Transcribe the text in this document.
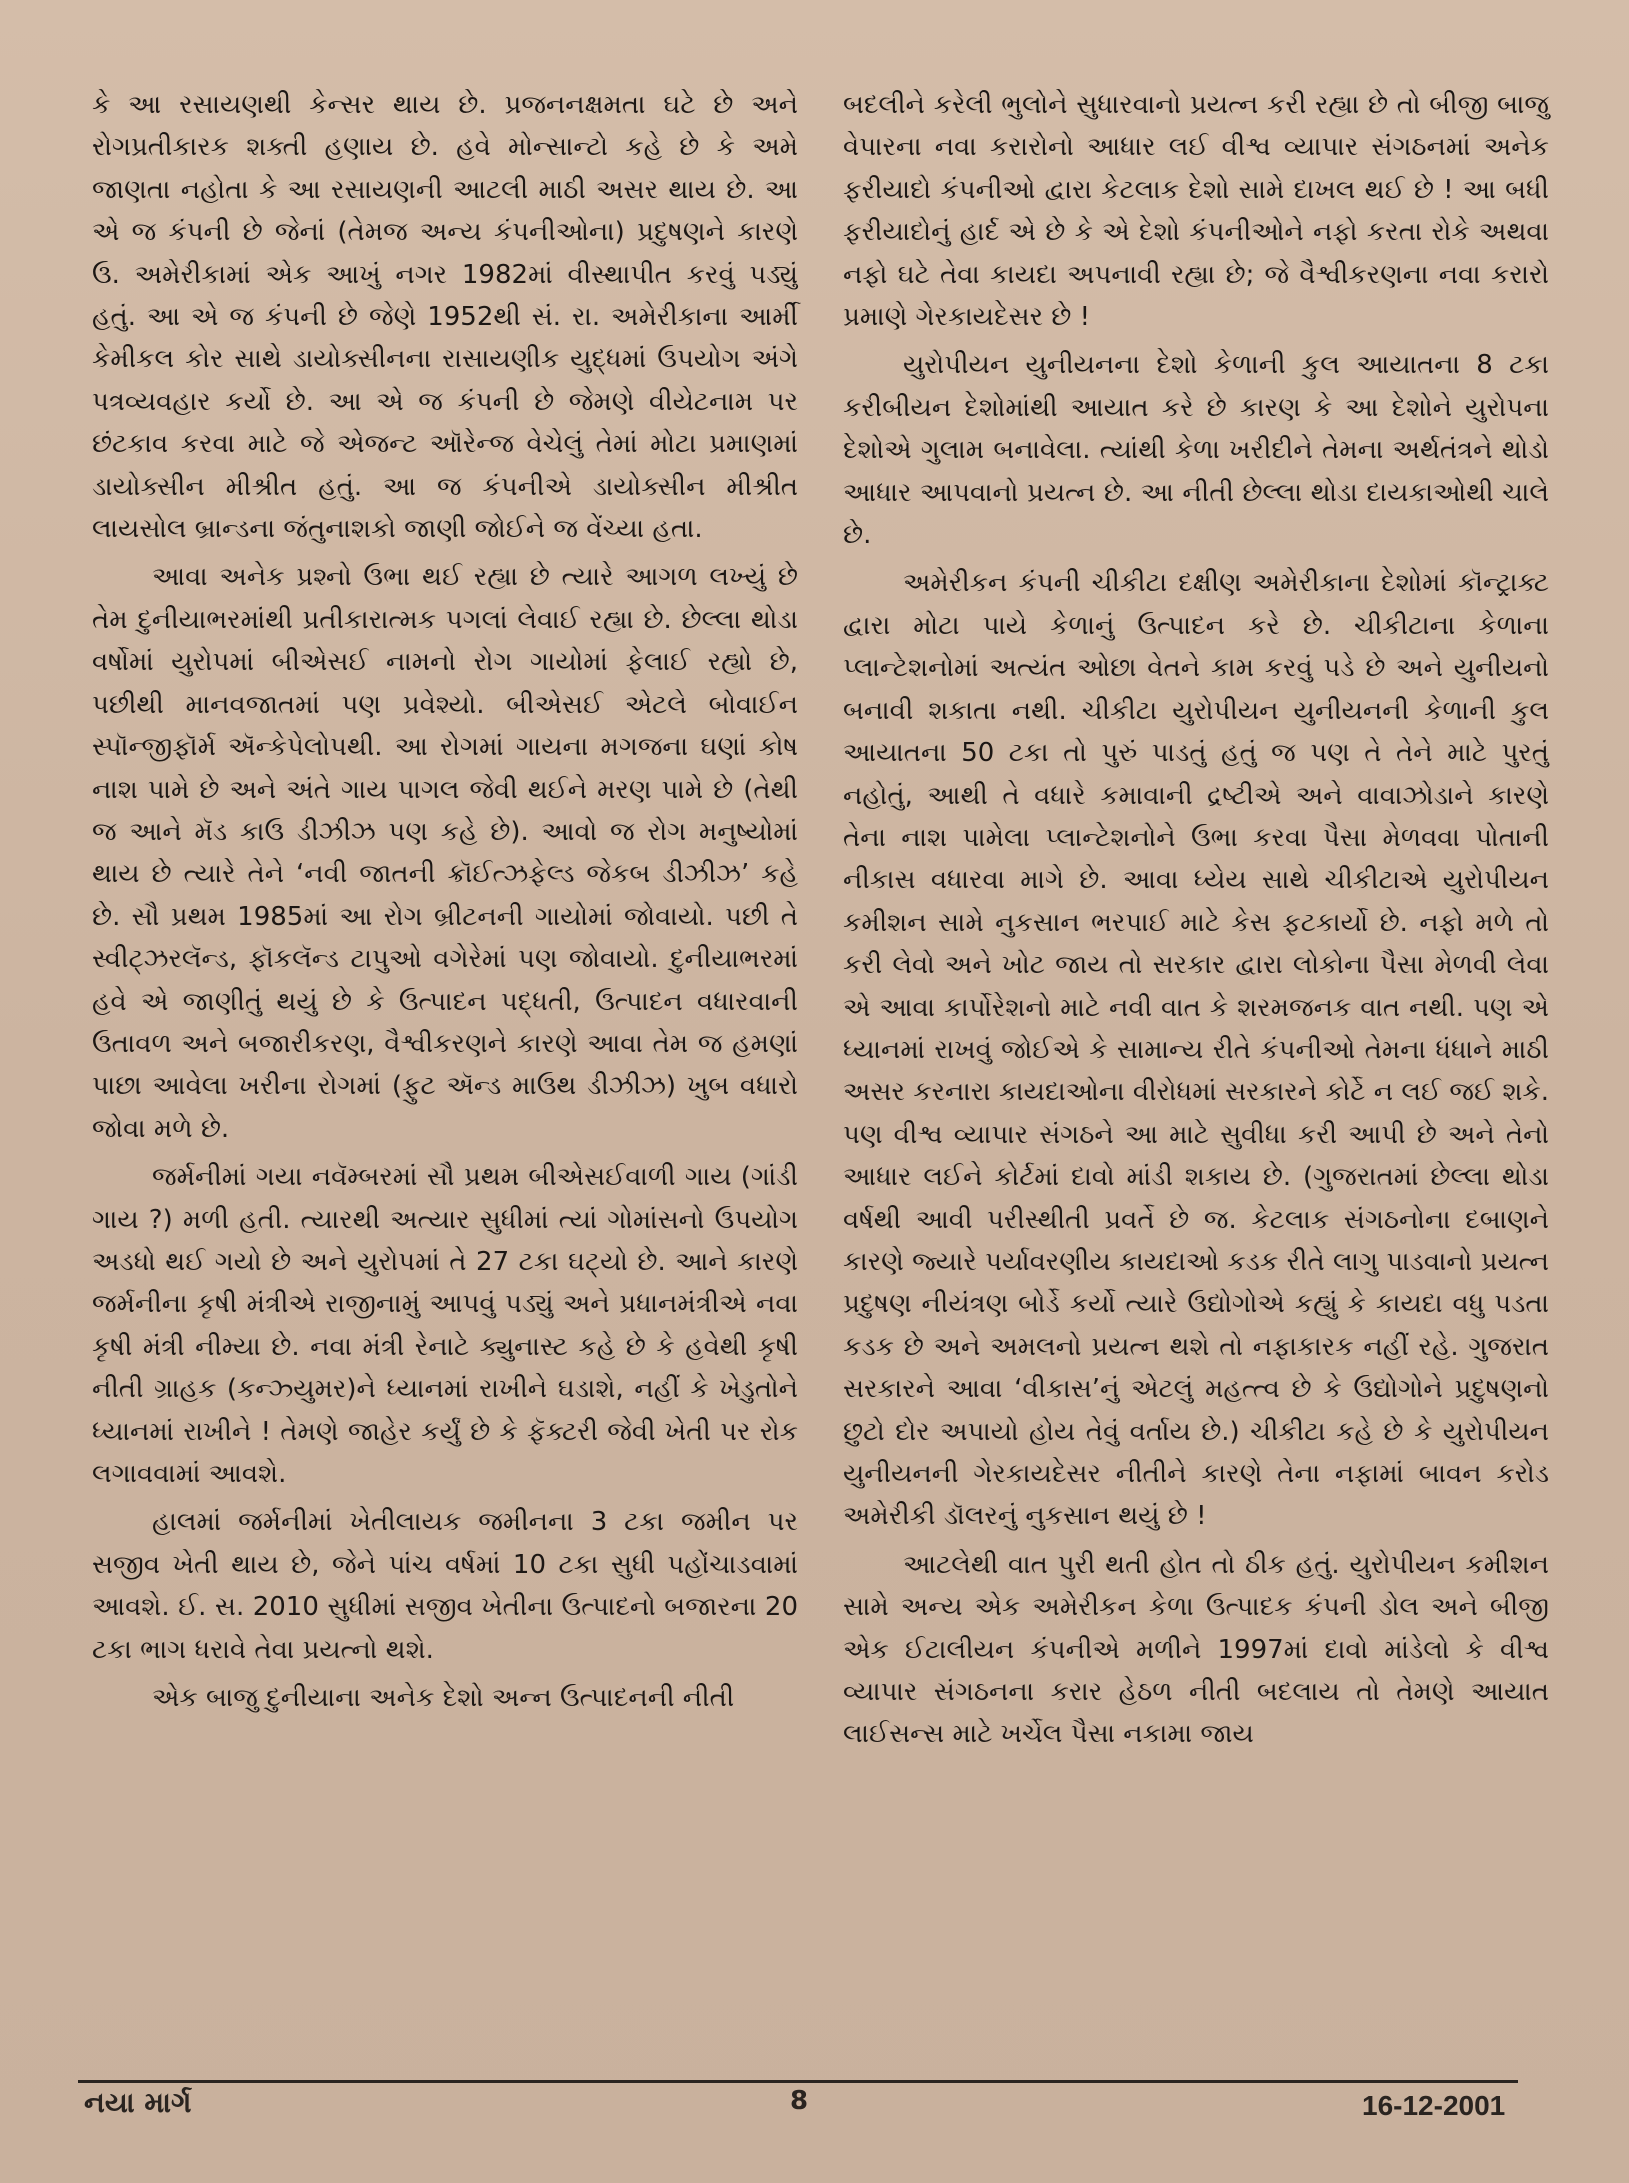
કે આ રસાયણથી કેન્સર થાય છે. પ્રજનનક્ષમતા ઘટે છે અને રોગપ્રતીકારક શક્તી હણાય છે. હવે મોન્સાન્ટો કહે છે કે અમે જાણતા નહોતા કે આ રસાયણની આટલી માઠી અસર થાય છે. આ એ જ કંપની છે જેનાં (તેમજ અન્ય કંપનીઓના) પ્રદુષણને કારણે ઉ. અમેરીકામાં એક આખું નગર 1982માં વીસ્થાપીત કરવું પડ્યું હતું. આ એ જ કંપની છે જેણે 1952થી સં. રા. અમેરીકાના આર્મી કેમીકલ કોર સાથે ડાયોક્સીનના રાસાયણીક યુદ્ધમાં ઉપયોગ અંગે પત્રવ્યવહાર કર્યો છે. આ એ જ કંપની છે જેમણે વીયેટનામ પર છંટકાવ કરવા માટે જે એજન્ટ ઑરેન્જ વેચેલું તેમાં મોટા પ્રમાણમાં ડાયોક્સીન મીશ્રીત હતું. આ જ કંપનીએ ડાયોક્સીન મીશ્રીત લાયસોલ બ્રાન્ડના જંતુનાશકો જાણી જોઈને જ વેંચ્યા હતા.

આવા અનેક પ્રશ્નો ઉભા થઈ રહ્યા છે ત્યારે આગળ લખ્યું છે તેમ દુનીયાભરમાંથી પ્રતીકારાત્મક પગલાં લેવાઈ રહ્યા છે. છેલ્લા થોડા વર્ષોમાં યુરોપમાં બીએસઈ નામનો રોગ ગાયોમાં ફેલાઈ રહ્યો છે, પછીથી માનવજાતમાં પણ પ્રવેશ્યો. બીએસઈ એટલે બોવાઈન સ્પૉન્જીફૉર્મ ઍન્કેપેલોપથી. આ રોગમાં ગાયના મગજના ઘણાં કોષ નાશ પામે છે અને અંતે ગાય પાગલ જેવી થઈને મરણ પામે છે (તેથી જ આને મૅડ કાઉ ડીઝીઝ પણ કહે છે). આવો જ રોગ મનુષ્યોમાં થાય છે ત્યારે તેને ‘નવી જાતની ક્રૉઈત્ઝફેલ્ડ જેકબ ડીઝીઝ’ કહે છે. સૌ પ્રથમ 1985માં આ રોગ બ્રીટનની ગાયોમાં જોવાયો. પછી તે સ્વીટ્ઝરલૅન્ડ, ફૉકલૅન્ડ ટાપુઓ વગેરેમાં પણ જોવાયો. દુનીયાભરમાં હવે એ જાણીતું થયું છે કે ઉત્પાદન પદ્ધતી, ઉત્પાદન વધારવાની ઉતાવળ અને બજારીકરણ, વૈશ્વીકરણને કારણે આવા તેમ જ હમણાં પાછા આવેલા ખરીના રોગમાં (ફુટ ઍન્ડ માઉથ ડીઝીઝ) ખુબ વધારો જોવા મળે છે.

જર્મનીમાં ગયા નવૅમ્બરમાં સૌ પ્રથમ બીએસઈવાળી ગાય (ગાંડી ગાય ?) મળી હતી. ત્યારથી અત્યાર સુધીમાં ત્યાં ગોમાંસનો ઉપયોગ અડધો થઈ ગયો છે અને યુરોપમાં તે 27 ટકા ઘટ્યો છે. આને કારણે જર્મનીના કૃષી મંત્રીએ રાજીનામું આપવું પડ્યું અને પ્રધાનમંત્રીએ નવા કૃષી મંત્રી નીમ્યા છે. નવા મંત્રી રેનાટે ક્યુનાસ્ટ કહે છે કે હવેથી કૃષી નીતી ગ્રાહક (કન્ઝ્યુમર)ને ધ્યાનમાં રાખીને ઘડાશે, નહીં કે ખેડુતોને ધ્યાનમાં રાખીને ! તેમણે જાહેર કર્યું છે કે ફૅક્ટરી જેવી ખેતી પર રોક લગાવવામાં આવશે.

હાલમાં જર્મનીમાં ખેતીલાયક જમીનના 3 ટકા જમીન પર સજીવ ખેતી થાય છે, જેને પાંચ વર્ષમાં 10 ટકા સુધી પહોંચાડવામાં આવશે. ઈ. સ. 2010 સુધીમાં સજીવ ખેતીના ઉત્પાદનો બજારના 20 ટકા ભાગ ધરાવે તેવા પ્રયત્નો થશે.

એક બાજુ દુનીયાના અનેક દેશો અન્ન ઉત્પાદનની નીતી

બદલીને કરેલી ભુલોને સુધારવાનો પ્રયત્ન કરી રહ્યા છે તો બીજી બાજુ વેપારના નવા કરારોનો આધાર લઈ વીશ્વ વ્યાપાર સંગઠનમાં અનેક ફરીયાદો કંપનીઓ દ્વારા કેટલાક દેશો સામે દાખલ થઈ છે ! આ બધી ફરીયાદોનું હાર્દ એ છે કે એ દેશો કંપનીઓને નફો કરતા રોકે અથવા નફો ઘટે તેવા કાયદા અપનાવી રહ્યા છે; જે વૈશ્વીકરણના નવા કરારો પ્રમાણે ગેરકાયદેસર છે !

યુરોપીયન યુનીયનના દેશો કેળાની કુલ આયાતના 8 ટકા કરીબીયન દેશોમાંથી આયાત કરે છે કારણ કે આ દેશોને યુરોપના દેશોએ ગુલામ બનાવેલા. ત્યાંથી કેળા ખરીદીને તેમના અર્થતંત્રને થોડો આધાર આપવાનો પ્રયત્ન છે. આ નીતી છેલ્લા થોડા દાયકાઓથી ચાલે છે.

અમેરીકન કંપની ચીકીટા દક્ષીણ અમેરીકાના દેશોમાં કૉન્ટ્રાક્ટ દ્વારા મોટા પાયે કેળાનું ઉત્પાદન કરે છે. ચીકીટાના કેળાના પ્લાન્ટેશનોમાં અત્યંત ઓછા વેતને કામ કરવું પડે છે અને યુનીયનો બનાવી શકાતા નથી. ચીકીટા યુરોપીયન યુનીયનની કેળાની કુલ આયાતના 50 ટકા તો પુરું પાડતું હતું જ પણ તે તેને માટે પુરતું નહોતું, આથી તે વધારે કમાવાની દ્રષ્ટીએ અને વાવાઝોડાને કારણે તેના નાશ પામેલા પ્લાન્ટેશનોને ઉભા કરવા પૈસા મેળવવા પોતાની નીકાસ વધારવા માગે છે. આવા ધ્યેય સાથે ચીકીટાએ યુરોપીયન કમીશન સામે નુકસાન ભરપાઈ માટે કેસ ફટકાર્યો છે. નફો મળે તો કરી લેવો અને ખોટ જાય તો સરકાર દ્વારા લોકોના પૈસા મેળવી લેવા એ આવા કાર્પોરેશનો માટે નવી વાત કે શરમજનક વાત નથી. પણ એ ધ્યાનમાં રાખવું જોઈએ કે સામાન્ય રીતે કંપનીઓ તેમના ધંધાને માઠી અસર કરનારા કાયદાઓના વીરોધમાં સરકારને કોર્ટે ન લઈ જઈ શકે. પણ વીશ્વ વ્યાપાર સંગઠને આ માટે સુવીધા કરી આપી છે અને તેનો આધાર લઈને કોર્ટમાં દાવો માંડી શકાય છે. (ગુજરાતમાં છેલ્લા થોડા વર્ષથી આવી પરીસ્થીતી પ્રવર્તે છે જ. કેટલાક સંગઠનોના દબાણને કારણે જ્યારે પર્યાવરણીય કાયદાઓ કડક રીતે લાગુ પાડવાનો પ્રયત્ન પ્રદુષણ નીયંત્રણ બોર્ડે કર્યો ત્યારે ઉદ્યોગોએ કહ્યું કે કાયદા વધુ પડતા કડક છે અને અમલનો પ્રયત્ન થશે તો નફાકારક નહીં રહે. ગુજરાત સરકારને આવા ‘વીકાસ’નું એટલું મહત્ત્વ છે કે ઉદ્યોગોને પ્રદુષણનો છુટો દોર અપાયો હોય તેવું વર્તાય છે.) ચીકીટા કહે છે કે યુરોપીયન યુનીયનની ગેરકાયદેસર નીતીને કારણે તેના નફામાં બાવન કરોડ અમેરીકી ડૉલરનું નુકસાન થયું છે !

આટલેથી વાત પુરી થતી હોત તો ઠીક હતું. યુરોપીયન કમીશન સામે અન્ય એક અમેરીકન કેળા ઉત્પાદક કંપની ડોલ અને બીજી એક ઈટાલીયન કંપનીએ મળીને 1997માં દાવો માંડેલો કે વીશ્વ વ્યાપાર સંગઠનના કરાર હેઠળ નીતી બદલાય તો તેમણે આયાત લાઈસન્સ માટે ખર્ચેલ પૈસા નકામા જાય

નયા માર્ગ	8	16-12-2001
